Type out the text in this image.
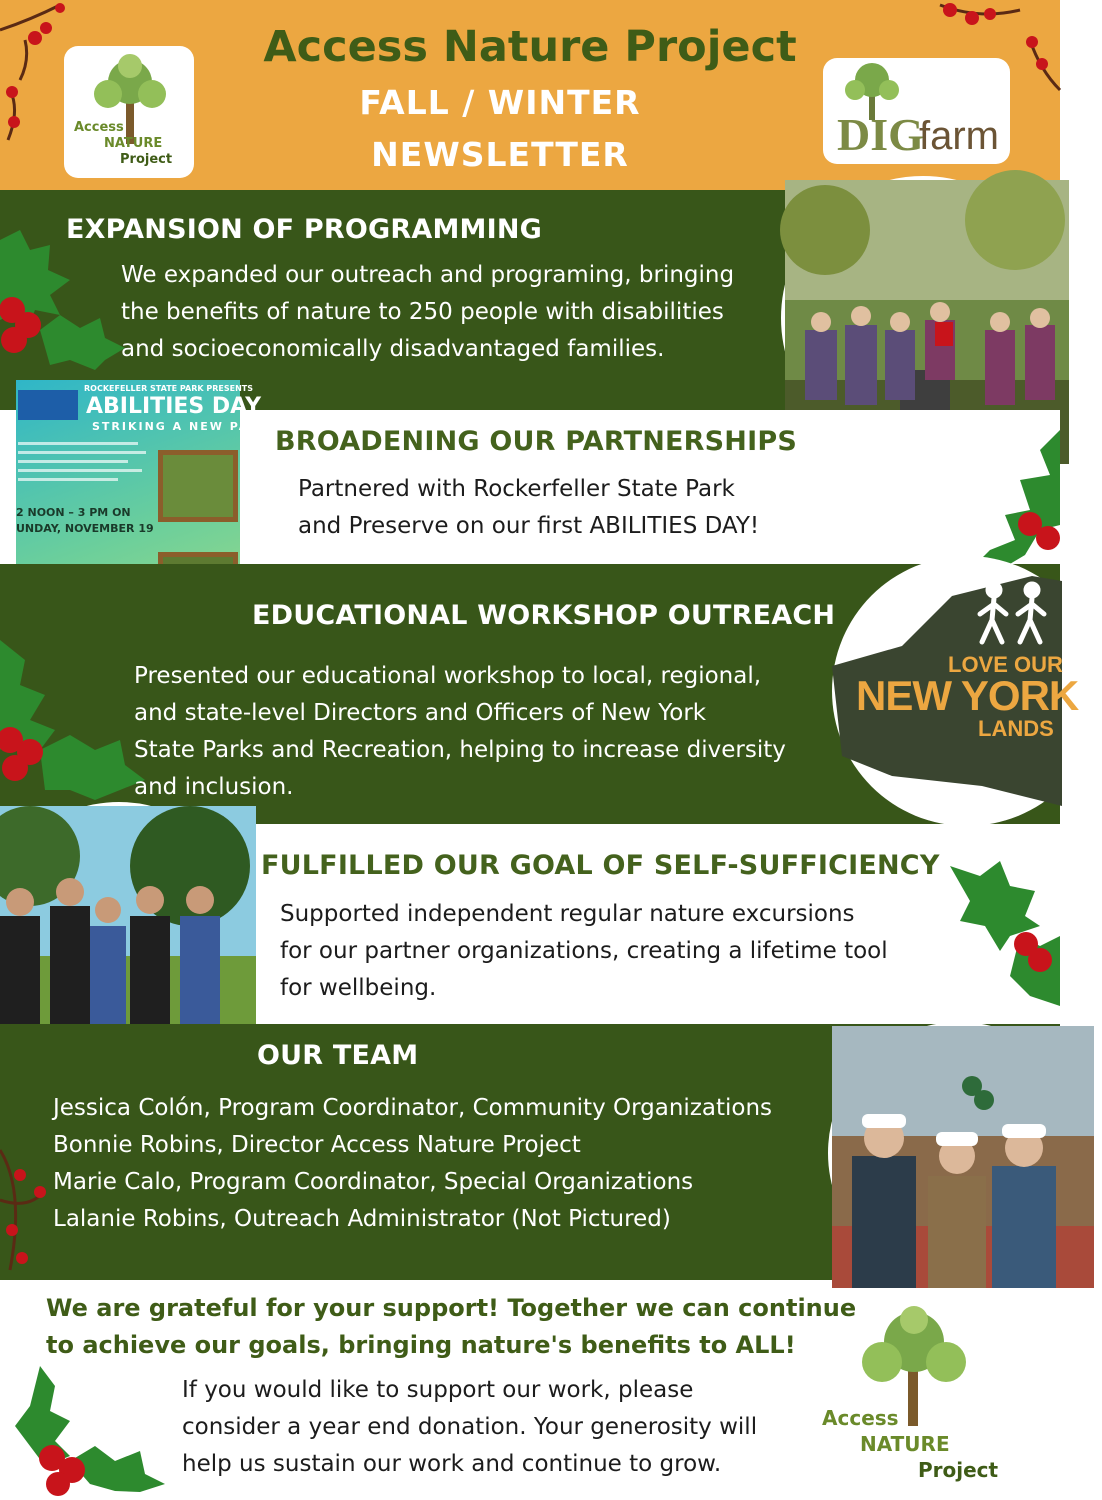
Access Nature Project
FALL / WINTER
NEWSLETTER
Access
NATURE
Project	DIG
farm
EXPANSION OF PROGRAMMING

We expanded our outreach and programing, bringing

the benefits of nature to 250 people with disabilities

and socioeconomically disadvantaged families.

ROCKEFELLER STATE PARK PRESENTS
ABILITIES DAY
STRIKING A NEW PATH
2 NOON – 3 PM ON
UNDAY, NOVEMBER 19
BROADENING OUR PARTNERSHIPS

Partnered with Rockerfeller State Park

and Preserve on our first ABILITIES DAY!

EDUCATIONAL WORKSHOP OUTREACH

Presented our educational workshop to local, regional,

and state-level Directors and Officers of New York

State Parks and Recreation, helping to increase diversity

and inclusion.

LOVE OUR
NEW YORK
LANDS
FULFILLED OUR GOAL OF SELF-SUFFICIENCY

Supported independent regular nature excursions

for our partner organizations, creating a lifetime tool

for wellbeing.

OUR TEAM

Jessica Colón, Program Coordinator, Community Organizations

Bonnie Robins, Director Access Nature Project

Marie Calo, Program Coordinator, Special Organizations

Lalanie Robins, Outreach Administrator (Not Pictured)

We are grateful for your support! Together we can continue
to achieve our goals, bringing nature's benefits to ALL!

If you would like to support our work, please

consider a year end donation. Your generosity will

help us sustain our work and continue to grow.

Access
NATURE
Project
